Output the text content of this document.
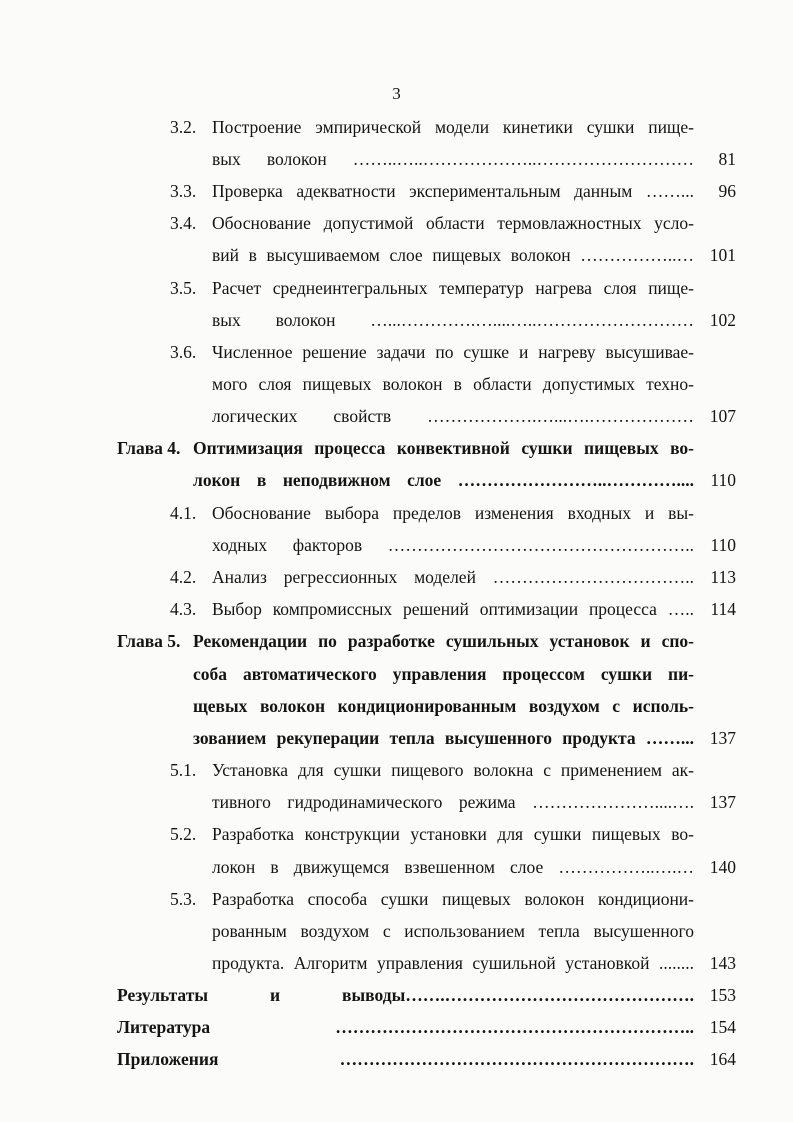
3
3.2. Построение эмпирической модели кинетики сушки пище-
вых волокон ……..…..………………..……………………… 81
3.3. Проверка адекватности экспериментальным данным ……... 96
3.4. Обоснование допустимой области термовлажностных усло-
вий в высушиваемом слое пищевых волокон ……………..… 101
3.5. Расчет среднеинтегральных температур нагрева слоя пище-
вых волокон …...………….…....…..……………………… 102
3.6. Численное решение задачи по сушке и нагреву высушивае-
мого слоя пищевых волокон в области допустимых техно-
логических свойств ……………….…...….……………… 107
Глава 4. Оптимизация процесса конвективной сушки пищевых во-
локон в неподвижном слое ……………………..………….... 110
4.1. Обоснование выбора пределов изменения входных и вы-
ходных факторов …………………………………………….. 110
4.2. Анализ регрессионных моделей …………………………….. 113
4.3. Выбор компромиссных решений оптимизации процесса ….. 114
Глава 5. Рекомендации по разработке сушильных установок и спо-
соба автоматического управления процессом сушки пи-
щевых волокон кондиционированным воздухом с исполь-
зованием рекуперации тепла высушенного продукта ……... 137
5.1. Установка для сушки пищевого волокна с применением ак-
тивного гидродинамического режима …………………....…. 137
5.2. Разработка конструкции установки для сушки пищевых во-
локон в движущемся взвешенном слое ……………..….… 140
5.3. Разработка способа сушки пищевых волокон кондициони-
рованным воздухом с использованием тепла высушенного
продукта. Алгоритм управления сушильной установкой ........ 143
Результаты и выводы…….……………………………………. 153
Литература …………………………………………………….. 154
Приложения ……………………………………………………. 164
